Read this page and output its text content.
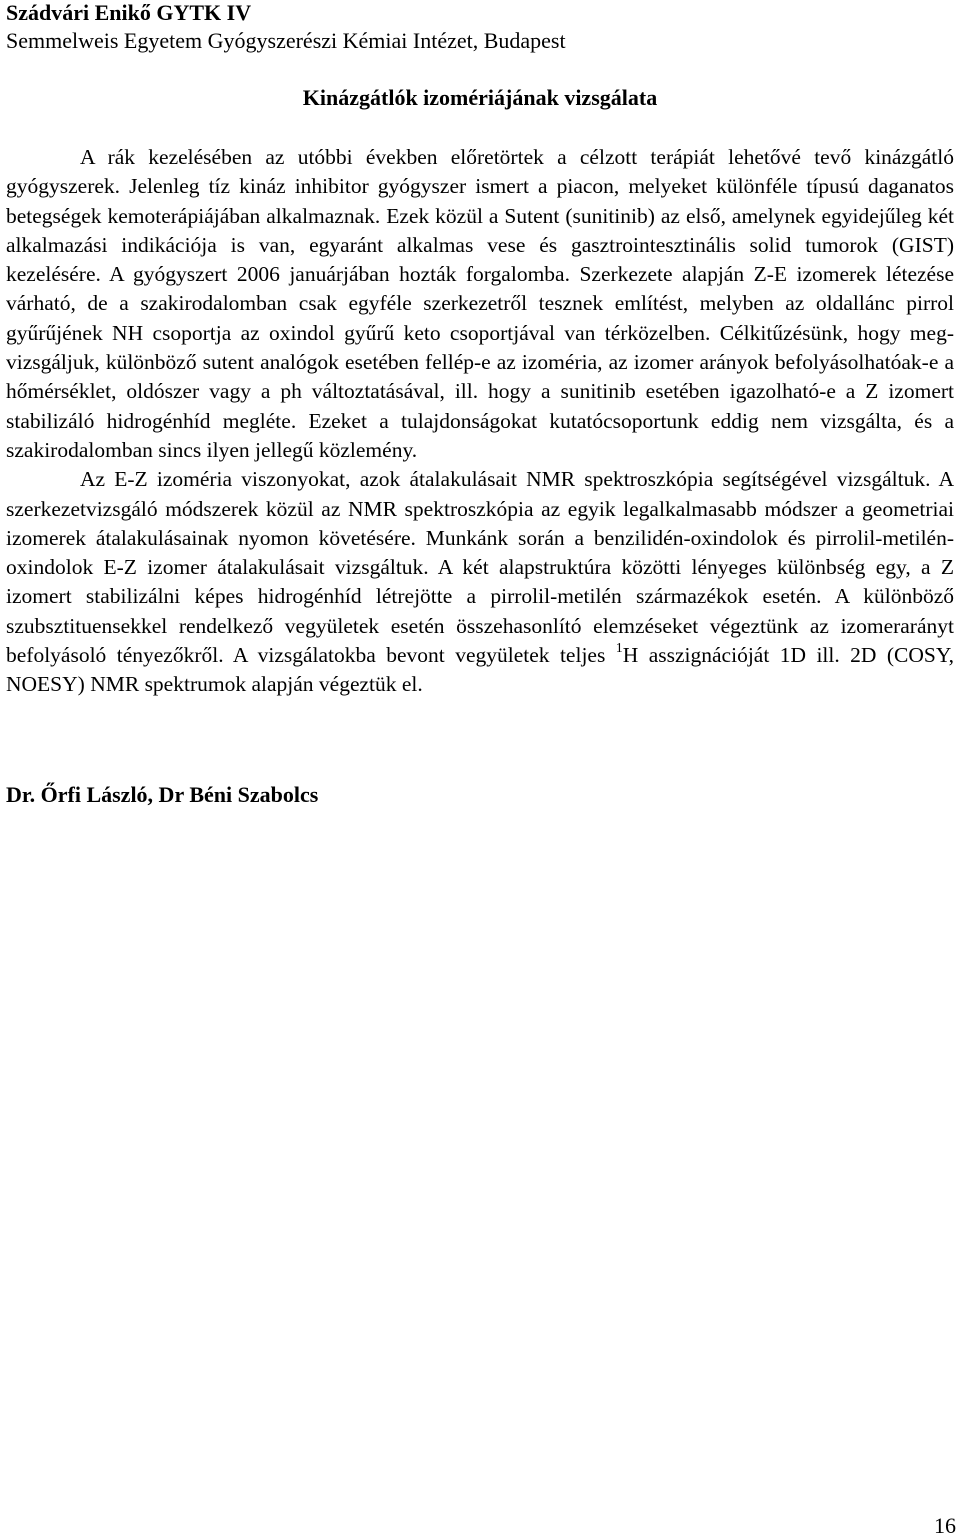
Szádvári Enikő GYTK IV
Semmelweis Egyetem Gyógyszerészi Kémiai Intézet, Budapest
Kinázgátlók izomériájának vizsgálata

A rák kezelésében az utóbbi években előretörtek a célzott terápiát lehetővé tevő kinázgátló gyógyszerek. Jelenleg tíz kináz inhibitor gyógyszer ismert a piacon, melyeket különféle típusú daganatos betegségek kemoterápiájában alkalmaznak. Ezek közül a Sutent (sunitinib) az első, amelynek egyidejűleg két alkalmazási indikációja is van, egyaránt alkalmas vese és gasztrointesztinális solid tumorok (GIST) kezelésére. A gyógyszert 2006 januárjában hozták forgalomba. Szerkezete alapján Z-E izomerek létezése várható, de a szakirodalomban csak egyféle szerkezetről tesznek említést, melyben az oldallánc pirrol gyűrűjének NH csoportja az oxindol gyűrű keto csoportjával van térközelben. Célkitűzésünk, hogy megvizsgáljuk, különböző sutent analógok esetében fellép-e az izoméria, az izomer arányok befolyásolhatóak-e a hőmérséklet, oldószer vagy a ph változtatásával, ill. hogy a sunitinib esetében igazolható-e a Z izomert stabilizáló hidrogénhíd megléte. Ezeket a tulajdonságokat kutatócsoportunk eddig nem vizsgálta, és a szakirodalomban sincs ilyen jellegű közlemény.

Az E-Z izoméria viszonyokat, azok átalakulásait NMR spektroszkópia segítségével vizsgáltuk. A szerkezetvizsgáló módszerek közül az NMR spektroszkópia az egyik legalkalmasabb módszer a geometriai izomerek átalakulásainak nyomon követésére. Munkánk során a benzilidén-oxindolok és pirrolil-metilén-oxindolok E-Z izomer átalakulásait vizsgáltuk. A két alapstruktúra közötti lényeges különbség egy, a Z izomert stabilizálni képes hidrogénhíd létrejötte a pirrolil-metilén származékok esetén. A különböző szubsztituensekkel rendelkező vegyületek esetén összehasonlító elemzéseket végeztünk az izomerarányt befolyásoló tényezőkről. A vizsgálatokba bevont vegyületek teljes $^1$H asszignációját 1D ill. 2D (COSY, NOESY) NMR spektrumok alapján végeztük el.

Dr. Őrfi László, Dr Béni Szabolcs
16
